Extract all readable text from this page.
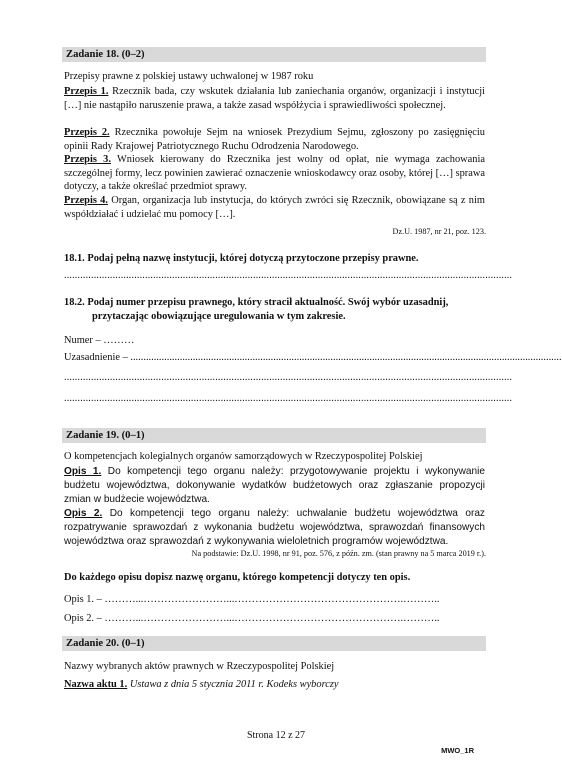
Zadanie 18. (0–2)

Przepisy prawne z polskiej ustawy uchwalonej w 1987 roku

Przepis 1. Rzecznik bada, czy wskutek działania lub zaniechania organów, organizacji i instytucji […] nie nastąpiło naruszenie prawa, a także zasad współżycia i sprawiedliwości społecznej.

Przepis 2. Rzecznika powołuje Sejm na wniosek Prezydium Sejmu, zgłoszony po zasięgnięciu opinii Rady Krajowej Patriotycznego Ruchu Odrodzenia Narodowego.

Przepis 3. Wniosek kierowany do Rzecznika jest wolny od opłat, nie wymaga zachowania szczególnej formy, lecz powinien zawierać oznaczenie wnioskodawcy oraz osoby, której […] sprawa dotyczy, a także określać przedmiot sprawy.

Przepis 4. Organ, organizacja lub instytucja, do których zwróci się Rzecznik, obowiązane są z nim współdziałać i udzielać mu pomocy […].

Dz.U. 1987, nr 21, poz. 123.

18.1. Podaj pełną nazwę instytucji, której dotyczą przytoczone przepisy prawne.

......................................................................................................................................................................

18.2. Podaj numer przepisu prawnego, który stracił aktualność. Swój wybór uzasadnij,

przytaczając obowiązujące uregulowania w tym zakresie.

Numer – ………

Uzasadnienie – ......................................................................................................................................................................

......................................................................................................................................................................
......................................................................................................................................................................
Zadanie 19. (0–1)

O kompetencjach kolegialnych organów samorządowych w Rzeczypospolitej Polskiej

Opis 1. Do kompetencji tego organu należy: przygotowywanie projektu i wykonywanie budżetu województwa, dokonywanie wydatków budżetowych oraz zgłaszanie propozycji zmian w budżecie województwa.

Opis 2. Do kompetencji tego organu należy: uchwalanie budżetu województwa oraz rozpatrywanie sprawozdań z wykonania budżetu województwa, sprawozdań finansowych województwa oraz sprawozdań z wykonywania wieloletnich programów województwa.

Na podstawie: Dz.U. 1998, nr 91, poz. 576, z późn. zm. (stan prawny na 5 marca 2019 r.).

Do każdego opisu dopisz nazwę organu, którego kompetencji dotyczy ten opis.

Opis 1. – ………...……………………...………………………………………….………..

Opis 2. – ………...……………………...………………………………………….………..

Zadanie 20. (0–1)

Nazwy wybranych aktów prawnych w Rzeczypospolitej Polskiej

Nazwa aktu 1. Ustawa z dnia 5 stycznia 2011 r. Kodeks wyborczy

Strona 12 z 27
MWO_1R
